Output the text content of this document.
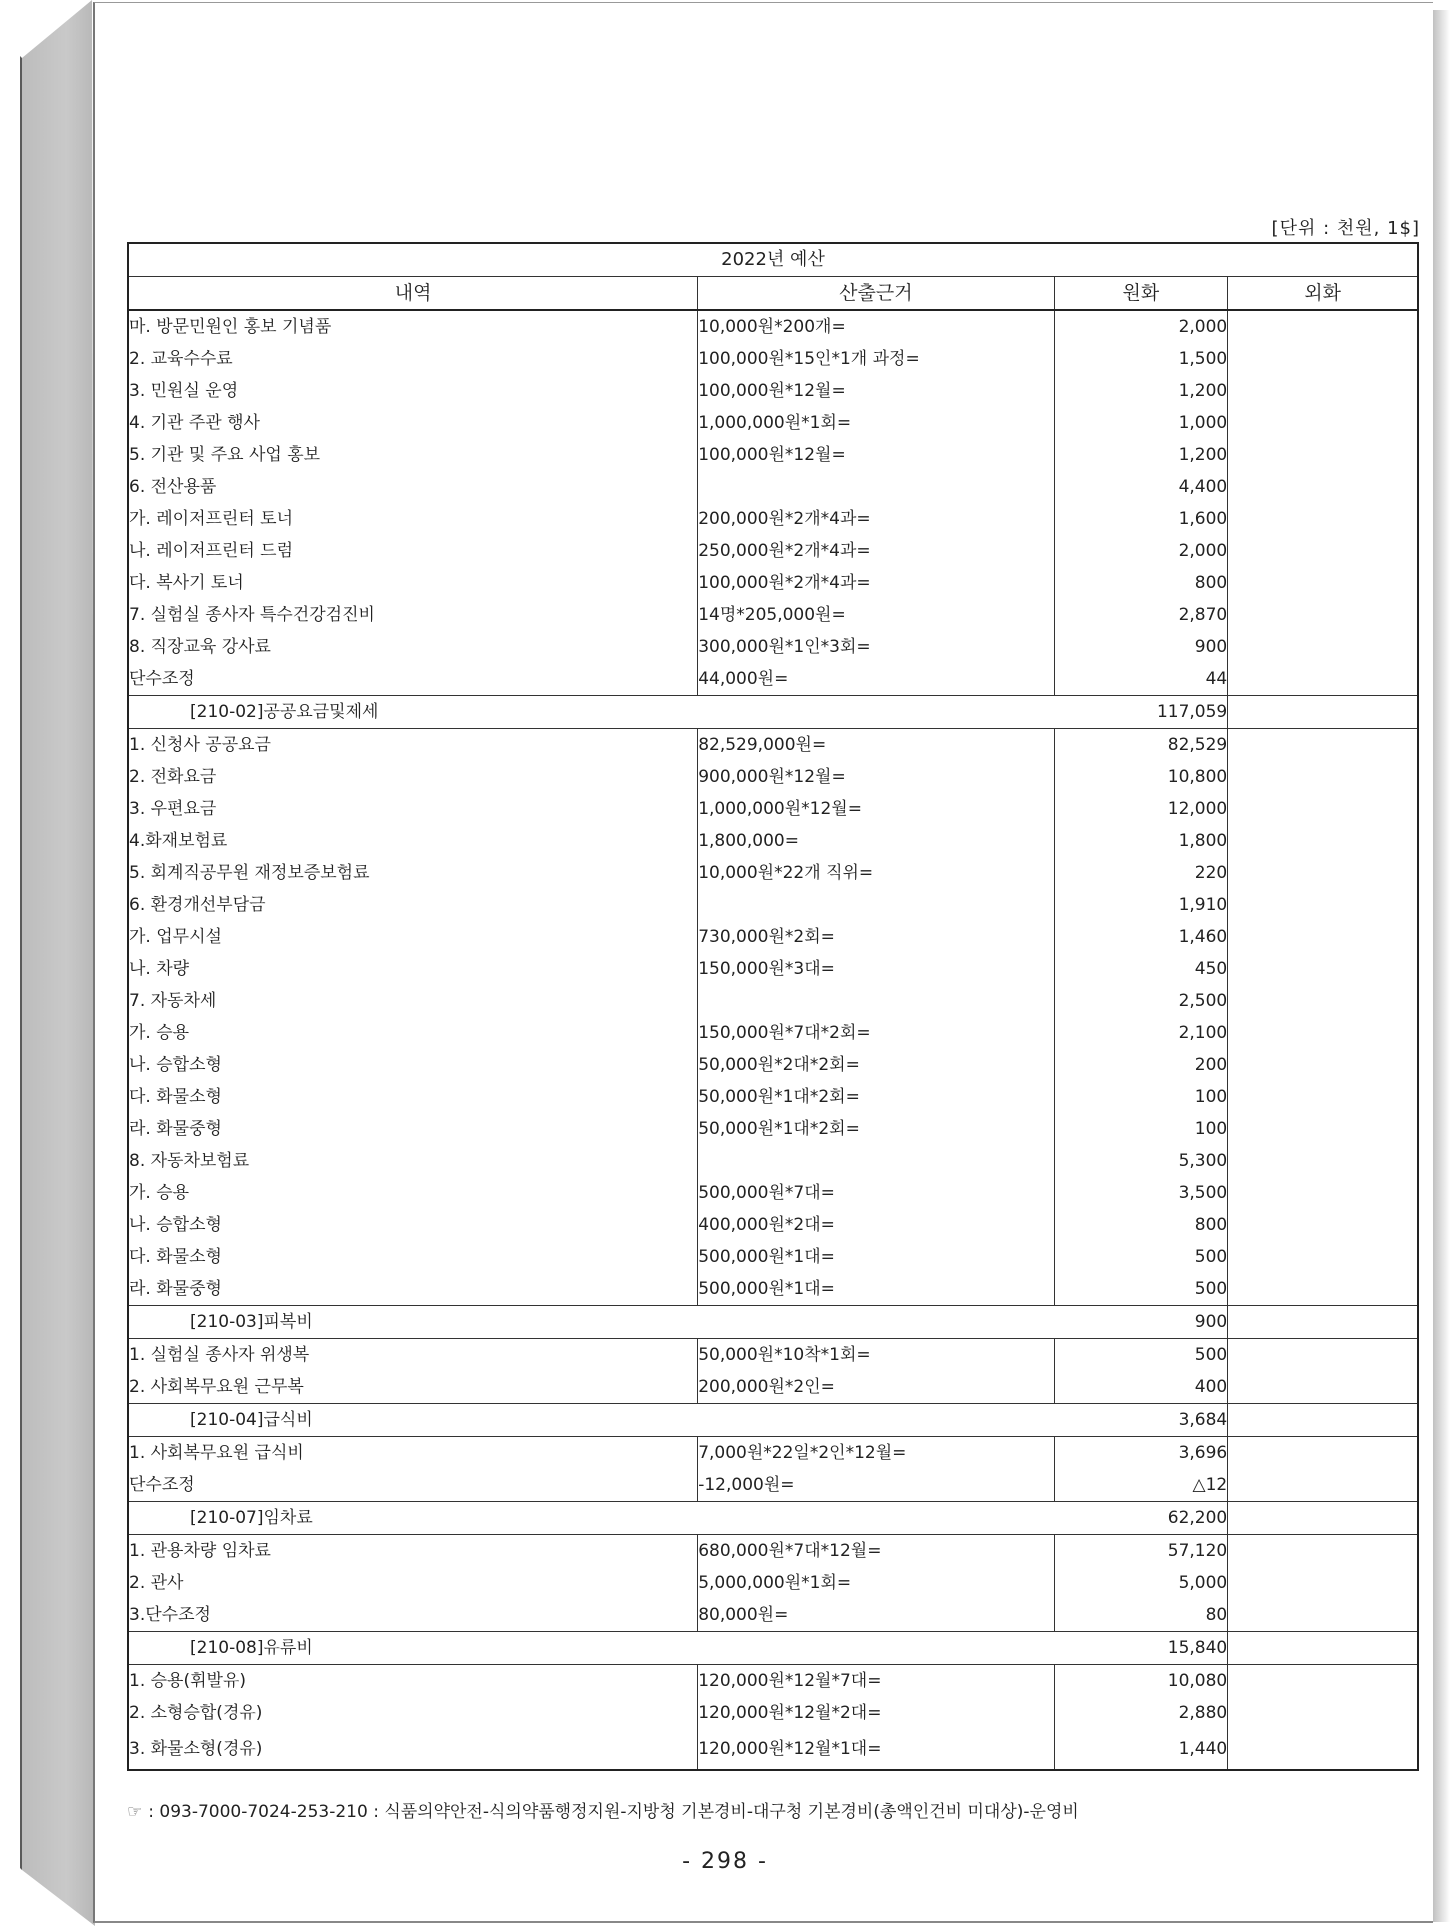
[단위 : 천원, 1$]
2022년 예산			
내역	산출근거	원화	외화
마. 방문민원인 홍보 기념품	10,000원*200개=	2,000	
2. 교육수수료	100,000원*15인*1개 과정=	1,500	
3. 민원실 운영	100,000원*12월=	1,200	
4. 기관 주관 행사	1,000,000원*1회=	1,000	
5. 기관 및 주요 사업 홍보	100,000원*12월=	1,200	
6. 전산용품		4,400	
가. 레이저프린터 토너	200,000원*2개*4과=	1,600	
나. 레이저프린터 드럼	250,000원*2개*4과=	2,000	
다. 복사기 토너	100,000원*2개*4과=	800	
7. 실험실 종사자 특수건강검진비	14명*205,000원=	2,870	
8. 직장교육 강사료	300,000원*1인*3회=	900	
단수조정	44,000원=	44	
[210-02]공공요금및제세		117,059	
1. 신청사 공공요금	82,529,000원=	82,529	
2. 전화요금	900,000원*12월=	10,800	
3. 우편요금	1,000,000원*12월=	12,000	
4.화재보험료	1,800,000=	1,800	
5. 회계직공무원 재정보증보험료	10,000원*22개 직위=	220	
6. 환경개선부담금		1,910	
가. 업무시설	730,000원*2회=	1,460	
나. 차량	150,000원*3대=	450	
7. 자동차세		2,500	
가. 승용	150,000원*7대*2회=	2,100	
나. 승합소형	50,000원*2대*2회=	200	
다. 화물소형	50,000원*1대*2회=	100	
라. 화물중형	50,000원*1대*2회=	100	
8. 자동차보험료		5,300	
가. 승용	500,000원*7대=	3,500	
나. 승합소형	400,000원*2대=	800	
다. 화물소형	500,000원*1대=	500	
라. 화물중형	500,000원*1대=	500	
[210-03]피복비		900	
1. 실험실 종사자 위생복	50,000원*10착*1회=	500	
2. 사회복무요원 근무복	200,000원*2인=	400	
[210-04]급식비		3,684	
1. 사회복무요원 급식비	7,000원*22일*2인*12월=	3,696	
단수조정	-12,000원=	△12	
[210-07]임차료		62,200	
1. 관용차량 임차료	680,000원*7대*12월=	57,120	
2. 관사	5,000,000원*1회=	5,000	
3.단수조정	80,000원=	80	
[210-08]유류비		15,840	
1. 승용(휘발유)	120,000원*12월*7대=	10,080	
2. 소형승합(경유)	120,000원*12월*2대=	2,880	
3. 화물소형(경유)	120,000원*12월*1대=	1,440	
☞ : 093-7000-7024-253-210 : 식품의약안전-식의약품행정지원-지방청 기본경비-대구청 기본경비(총액인건비 미대상)-운영비
- 298 -
